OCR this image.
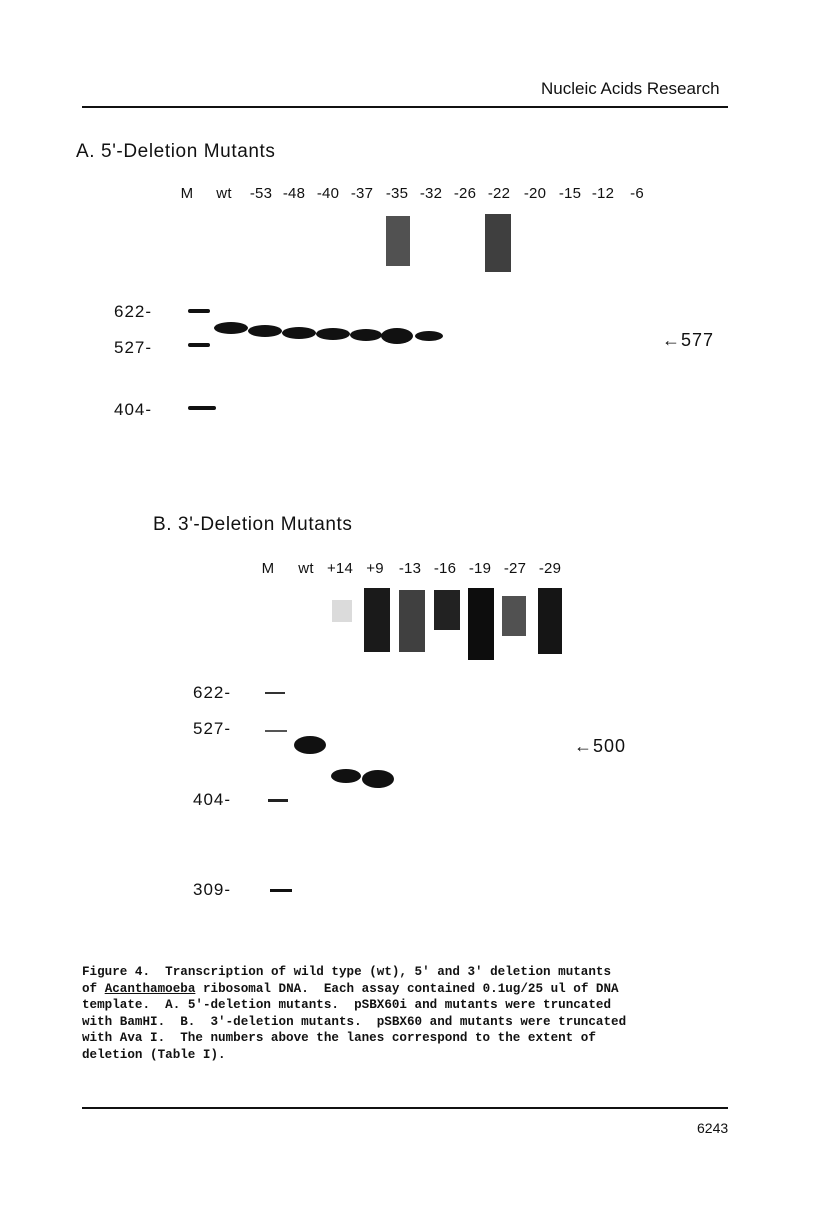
Nucleic Acids Research
A. 5'-Deletion Mutants
M wt -53 -48 -40 -37 -35 -32 -26 -22 -20 -15 -12 -6
622-
527-
404-
←577
B. 3'-Deletion Mutants
M wt +14 +9 -13 -16 -19 -27 -29
622-
527-
404-
309-
←500
Figure 4.  Transcription of wild type (wt), 5' and 3' deletion mutants
of Acanthamoeba ribosomal DNA.  Each assay contained 0.1ug/25 ul of DNA
template.  A. 5'-deletion mutants.  pSBX60i and mutants were truncated
with BamHI.  B.  3'-deletion mutants.  pSBX60 and mutants were truncated
with Ava I.  The numbers above the lanes correspond to the extent of
deletion (Table I).
6243
